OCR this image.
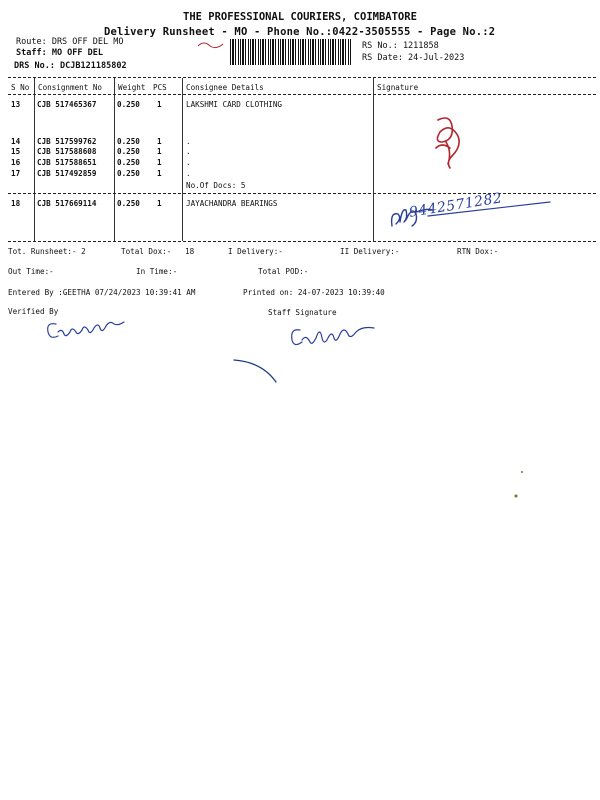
THE PROFESSIONAL COURIERS, COIMBATORE
Delivery Runsheet - MO - Phone No.:0422-3505555 - Page No.:2
Route: DRS OFF DEL MO
Staff: MO OFF DEL
DRS No.: DCJB121185802
RS No.: 1211858
RS Date: 24-Jul-2023
S No Consignment No Weight PCS	Consignee Details	Signature
13 CJB 517465367	0.250 1	LAKSHMI CARD CLOTHING
14 CJB 517599762	0.250 1	.
15 CJB 517588608	0.250 1	.
16 CJB 517588651	0.250 1	.
17 CJB 517492859	0.250 1	.
No.Of Docs: 5
18 CJB 517669114	0.250 1	JAYACHANDRA BEARINGS	9442571282
Tot. Runsheet:- 2	Total Dox:-   18	I Delivery:-	II Delivery:-	RTN Dox:-
Out Time:-	In Time:-	Total POD:-
Entered By :GEETHA 07/24/2023 10:39:41 AM	Printed on: 24-07-2023 10:39:40
Verified By	Staff Signature
